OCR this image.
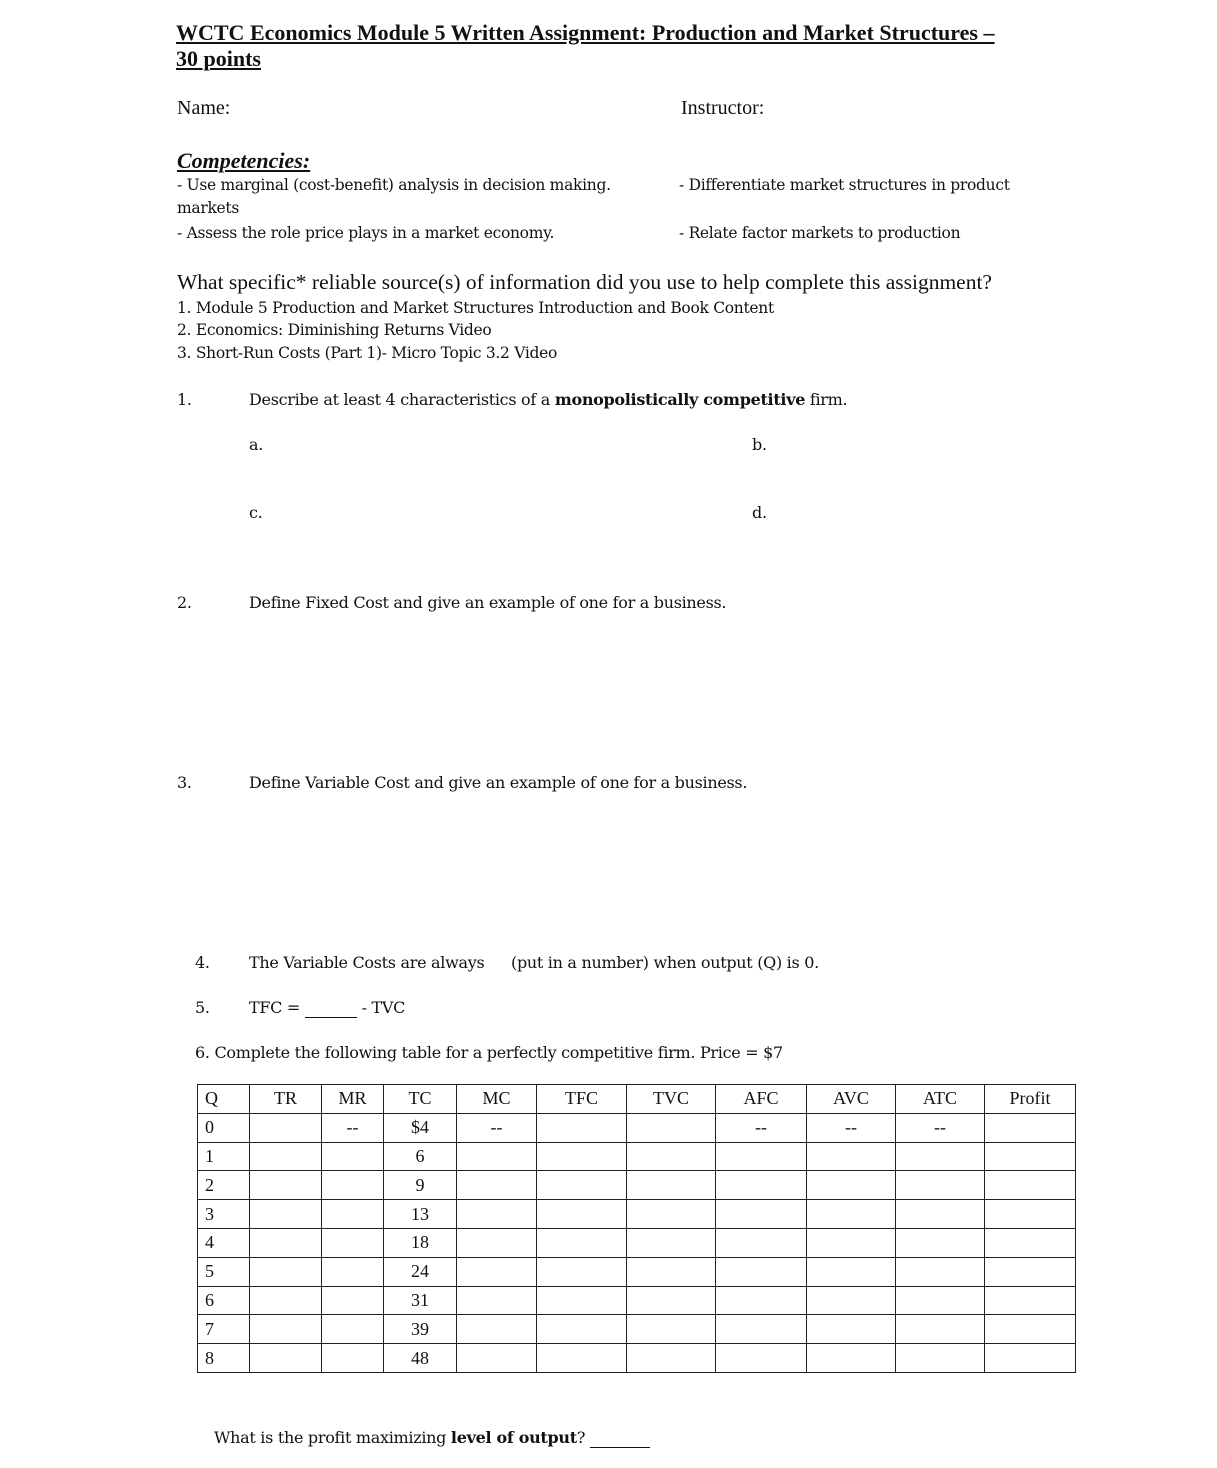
WCTC Economics Module 5 Written Assignment: Production and Market Structures –
30 points
Name:	Instructor:
Competencies:
- Use marginal (cost-benefit) analysis in decision making.	- Differentiate market structures in product
markets
- Assess the role price plays in a market economy.	- Relate factor markets to production
What specific* reliable source(s) of information did you use to help complete this assignment?
1. Module 5 Production and Market Structures Introduction and Book Content
2. Economics: Diminishing Returns Video
3. Short-Run Costs (Part 1)- Micro Topic 3.2 Video
1.	Describe at least 4 characteristics of a monopolistically competitive firm.
a.	b.
c.	d.
2.	Define Fixed Cost and give an example of one for a business.
3.	Define Variable Cost and give an example of one for a business.
4. The Variable Costs are always (put in a number) when output (Q) is 0.
5. TFC =	- TVC
6. Complete the following table for a perfectly competitive firm. Price = $7
Q	TR	MR	TC	MC	TFC	TVC	AFC	AVC	ATC	Profit
0		--	$4	--			--	--	--	
1			6							
2			9							
3			13							
4			18							
5			24							
6			31							
7			39							
8			48							
What is the profit maximizing level of output?
